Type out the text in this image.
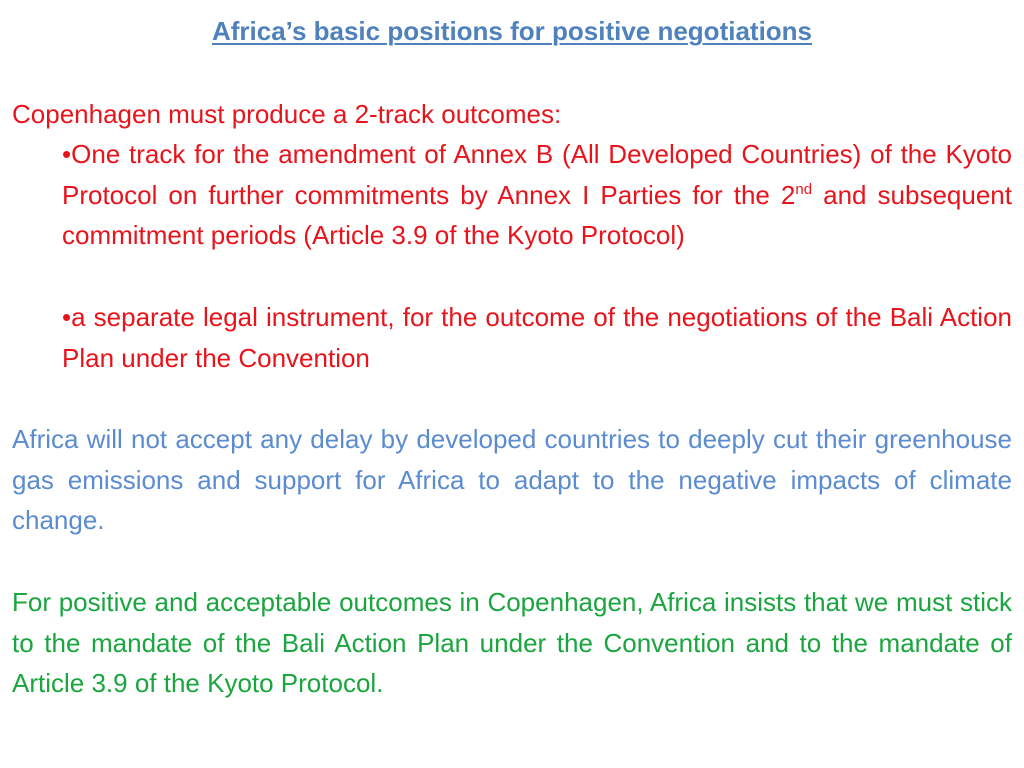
Africa’s basic positions for positive negotiations
Copenhagen must produce a 2-track outcomes:
•One track for the amendment of Annex B (All Developed Countries) of the Kyoto Protocol on further commitments by Annex I Parties for the 2nd and subsequent commitment periods (Article 3.9 of the Kyoto Protocol)
•a separate legal instrument, for the outcome of the negotiations of the Bali Action Plan under the Convention
Africa will not accept any delay by developed countries to deeply cut their greenhouse gas emissions and support for Africa to adapt to the negative impacts of climate change.
For positive and acceptable outcomes in Copenhagen, Africa insists that we must stick to the mandate of the Bali Action Plan under the Convention and to the mandate of Article 3.9 of the Kyoto Protocol.
